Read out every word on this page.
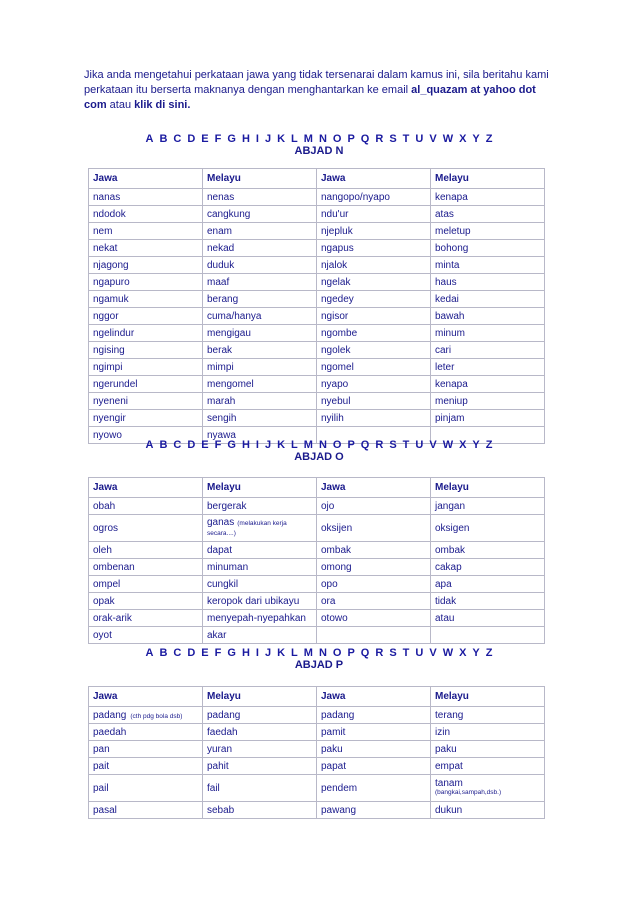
Jika anda mengetahui perkataan jawa yang tidak tersenarai dalam kamus ini, sila beritahu kami perkataan itu berserta maknanya dengan menghantarkan ke email al_quazam at yahoo dot com atau klik di sini.
A B C D E F G H I J K L M N O P Q R S T U V W X Y Z
ABJAD N
Jawa	Melayu	Jawa	Melayu
nanas	nenas	nangopo/nyapo	kenapa
ndodok	cangkung	ndu'ur	atas
nem	enam	njepluk	meletup
nekat	nekad	ngapus	bohong
njagong	duduk	njalok	minta
ngapuro	maaf	ngelak	haus
ngamuk	berang	ngedey	kedai
nggor	cuma/hanya	ngisor	bawah
ngelindur	mengigau	ngombe	minum
ngising	berak	ngolek	cari
ngimpi	mimpi	ngomel	leter
ngerundel	mengomel	nyapo	kenapa
nyeneni	marah	nyebul	meniup
nyengir	sengih	nyilih	pinjam
nyowo	nyawa		
A B C D E F G H I J K L M N O P Q R S T U V W X Y Z
ABJAD O
Jawa	Melayu	Jawa	Melayu
obah	bergerak	ojo	jangan
ogros	ganas (melakukan kerja secara....)	oksijen	oksigen
oleh	dapat	ombak	ombak
ombenan	minuman	omong	cakap
ompel	cungkil	opo	apa
opak	keropok dari ubikayu	ora	tidak
orak-arik	menyepah-nyepahkan	otowo	atau
oyot	akar		
A B C D E F G H I J K L M N O P Q R S T U V W X Y Z
ABJAD P
Jawa	Melayu	Jawa	Melayu
padang (cth pdg bola dsb)	padang	padang	terang
paedah	faedah	pamit	izin
pan	yuran	paku	paku
pait	pahit	papat	empat
pail	fail	pendem	tanam
(bangkai,sampah,dsb.)

pasal	sebab	pawang	dukun
